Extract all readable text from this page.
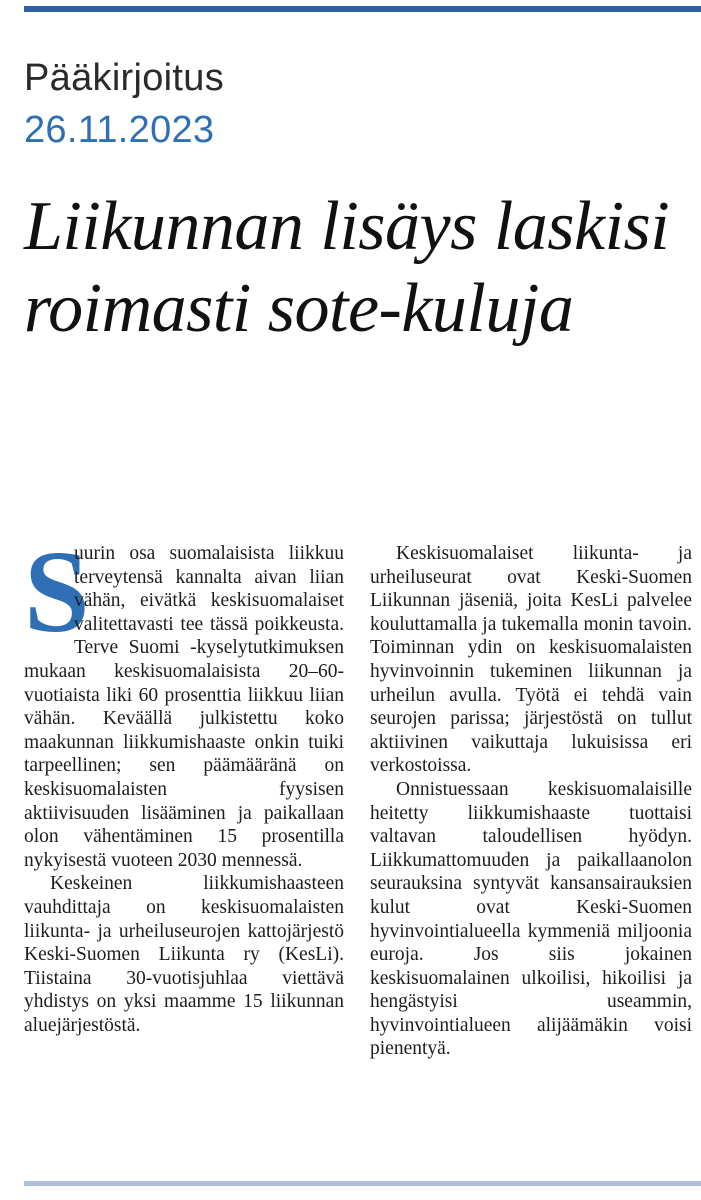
Pääkirjoitus
26.11.2023
Liikunnan lisäys laskisi roimasti sote-kuluja

S
uurin osa suomalaisista liikkuu terveytensä kannalta aivan liian vähän, eivätkä keskisuomalaiset valitettavasti tee tässä poikkeusta. Terve Suomi -kyselytutkimuksen mukaan keskisuomalaisista 20–60-vuotiaista liki 60 prosenttia liikkuu liian vähän. Keväällä julkistettu koko maakunnan liikkumishaaste onkin tuiki tarpeellinen; sen päämääränä on keskisuomalaisten fyysisen aktiivisuuden lisääminen ja paikallaan olon vähentäminen 15 prosentilla nykyisestä vuoteen 2030 mennessä.

Keskeinen liikkumishaasteen vauhdittaja on keskisuomalaisten liikunta- ja urheiluseurojen kattojärjestö Keski-Suomen Liikunta ry (KesLi). Tiistaina 30-vuotisjuhlaa viettävä yhdistys on yksi maamme 15 liikunnan aluejärjestöstä.

Keskisuomalaiset liikunta- ja urheiluseurat ovat Keski-Suomen Liikunnan jäseniä, joita KesLi palvelee kouluttamalla ja tukemalla monin tavoin. Toiminnan ydin on keskisuomalaisten hyvinvoinnin tukeminen liikunnan ja urheilun avulla. Työtä ei tehdä vain seurojen parissa; järjestöstä on tullut aktiivinen vaikuttaja lukuisissa eri verkostoissa.

Onnistuessaan keskisuomalaisille heitetty liikkumishaaste tuottaisi valtavan taloudellisen hyödyn. Liikkumattomuuden ja paikallaanolon seurauksina syntyvät kansansairauksien kulut ovat Keski-Suomen hyvinvointialueella kymmeniä miljoonia euroja. Jos siis jokainen keskisuomalainen ulkoilisi, hikoilisi ja hengästyisi useammin, hyvinvointialueen alijäämäkin voisi pienentyä.
